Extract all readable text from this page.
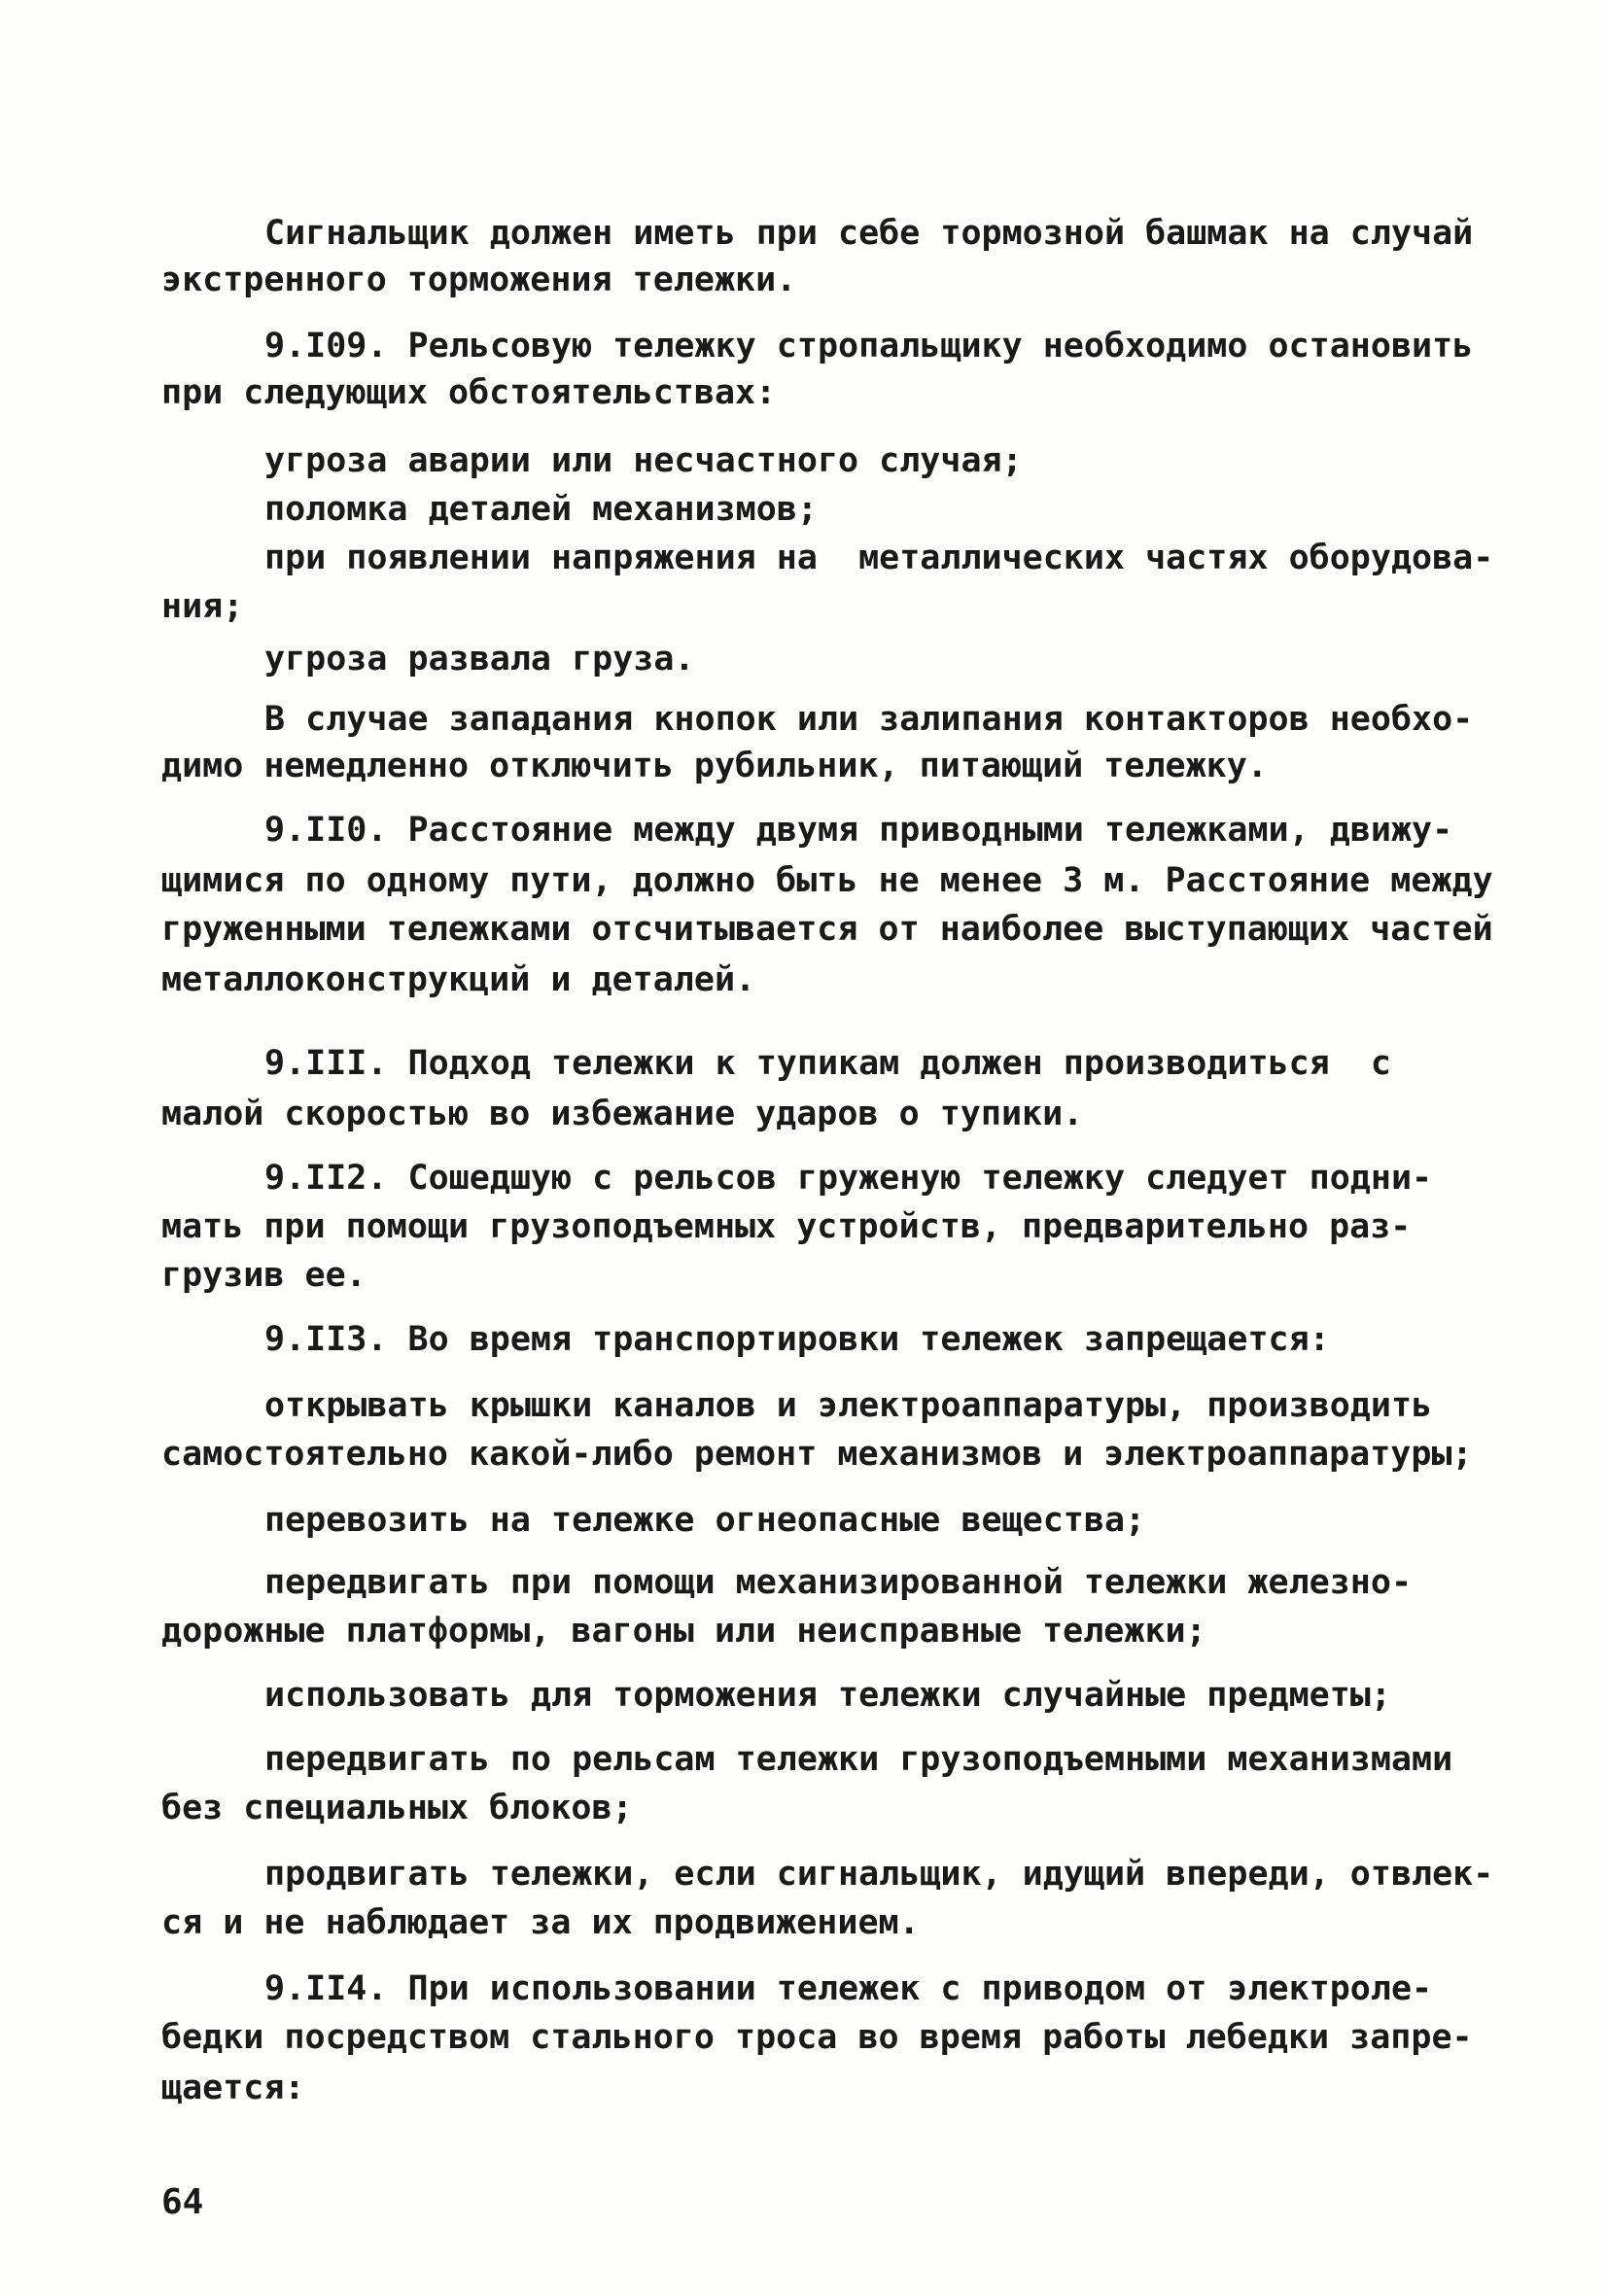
Сигнальщик должен иметь при себе тормозной башмак на случай
экстренного торможения тележки.
9.I09. Рельсовую тележку стропальщику необходимо остановить
при следующих обстоятельствах:
угроза аварии или несчастного случая;
поломка деталей механизмов;
при появлении напряжения на  металлических частях оборудова-
ния;
угроза развала груза.
В случае западания кнопок или залипания контакторов необхо-
димо немедленно отключить рубильник, питающий тележку.
9.II0. Расстояние между двумя приводными тележками, движу-
щимися по одному пути, должно быть не менее 3 м. Расстояние между
груженными тележками отсчитывается от наиболее выступающих частей
металлоконструкций и деталей.
9.III. Подход тележки к тупикам должен производиться  с
малой скоростью во избежание ударов о тупики.
9.II2. Сошедшую с рельсов груженую тележку следует подни-
мать при помощи грузоподъемных устройств, предварительно раз-
грузив ее.
9.II3. Во время транспортировки тележек запрещается:
открывать крышки каналов и электроаппаратуры, производить
самостоятельно какой-либо ремонт механизмов и электроаппаратуры;
перевозить на тележке огнеопасные вещества;
передвигать при помощи механизированной тележки железно-
дорожные платформы, вагоны или неисправные тележки;
использовать для торможения тележки случайные предметы;
передвигать по рельсам тележки грузоподъемными механизмами
без специальных блоков;
продвигать тележки, если сигнальщик, идущий впереди, отвлек-
ся и не наблюдает за их продвижением.
9.II4. При использовании тележек с приводом от электроле-
бедки посредством стального троса во время работы лебедки запре-
щается:
64
